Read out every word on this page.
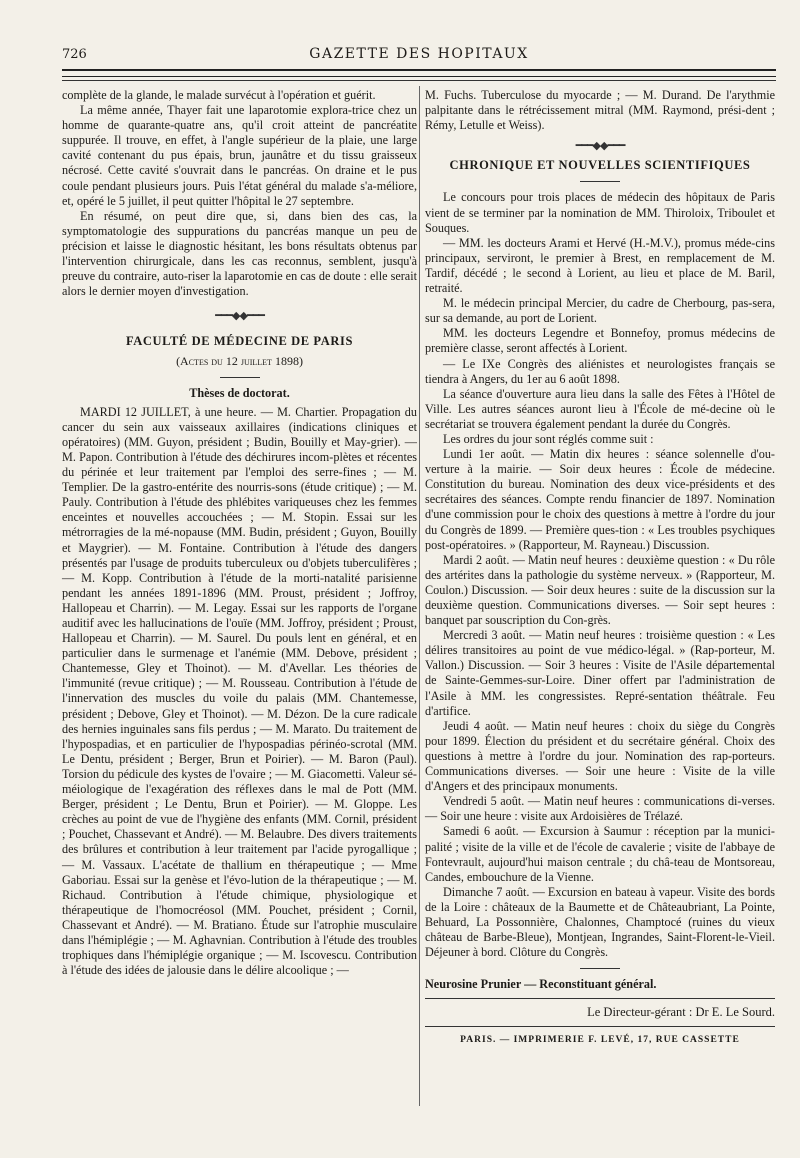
726	GAZETTE DES HOPITAUX

complète de la glande, le malade survécut à l'opération et guérit.

La même année, Thayer fait une laparotomie explora-trice chez un homme de quarante-quatre ans, qu'il croit atteint de pancréatite suppurée. Il trouve, en effet, à l'angle supérieur de la plaie, une large cavité contenant du pus épais, brun, jaunâtre et du tissu graisseux nécrosé. Cette cavité s'ouvrait dans le pancréas. On draine et le pus coule pendant plusieurs jours. Puis l'état général du malade s'a-méliore, et, opéré le 5 juillet, il peut quitter l'hôpital le 27 septembre.

En résumé, on peut dire que, si, dans bien des cas, la symptomatologie des suppurations du pancréas manque un peu de précision et laisse le diagnostic hésitant, les bons résultats obtenus par l'intervention chirurgicale, dans les cas reconnus, semblent, jusqu'à preuve du contraire, auto-riser la laparotomie en cas de doute : elle serait alors le dernier moyen d'investigation.

━━━◆◆━━━

FACULTÉ DE MÉDECINE DE PARIS

(Actes du 12 juillet 1898)

Thèses de doctorat.

MARDI 12 JUILLET, à une heure. — M. Chartier. Propagation du cancer du sein aux vaisseaux axillaires (indications cliniques et opératoires) (MM. Guyon, président ; Budin, Bouilly et May-grier). — M. Papon. Contribution à l'étude des déchirures incom-plètes et récentes du périnée et leur traitement par l'emploi des serre-fines ; — M. Templier. De la gastro-entérite des nourris-sons (étude critique) ; — M. Pauly. Contribution à l'étude des phlébites variqueuses chez les femmes enceintes et nouvelles accouchées ; — M. Stopin. Essai sur les métrorragies de la mé-nopause (MM. Budin, président ; Guyon, Bouilly et Maygrier). — M. Fontaine. Contribution à l'étude des dangers présentés par l'usage de produits tuberculeux ou d'objets tuberculifères ; — M. Kopp. Contribution à l'étude de la morti-natalité parisienne pendant les années 1891-1896 (MM. Proust, président ; Joffroy, Hallopeau et Charrin). — M. Legay. Essai sur les rapports de l'organe auditif avec les hallucinations de l'ouïe (MM. Joffroy, président ; Proust, Hallopeau et Charrin). — M. Saurel. Du pouls lent en général, et en particulier dans le surmenage et l'anémie (MM. Debove, président ; Chantemesse, Gley et Thoinot). — M. d'Avellar. Les théories de l'immunité (revue critique) ; — M. Rousseau. Contribution à l'étude de l'innervation des muscles du voile du palais (MM. Chantemesse, président ; Debove, Gley et Thoinot). — M. Dézon. De la cure radicale des hernies inguinales sans fils perdus ; — M. Marato. Du traitement de l'hypospadias, et en particulier de l'hypospadias périnéo-scrotal (MM. Le Dentu, président ; Berger, Brun et Poirier). — M. Baron (Paul). Torsion du pédicule des kystes de l'ovaire ; — M. Giacometti. Valeur sé-méiologique de l'exagération des réflexes dans le mal de Pott (MM. Berger, président ; Le Dentu, Brun et Poirier). — M. Gloppe. Les crèches au point de vue de l'hygiène des enfants (MM. Cornil, président ; Pouchet, Chassevant et André). — M. Belaubre. Des divers traitements des brûlures et contribution à leur traitement par l'acide pyrogallique ; — M. Vassaux. L'acétate de thallium en thérapeutique ; — Mme Gaboriau. Essai sur la genèse et l'évo-lution de la thérapeutique ; — M. Richaud. Contribution à l'étude chimique, physiologique et thérapeutique de l'homocréosol (MM. Pouchet, président ; Cornil, Chassevant et André). — M. Bratiano. Étude sur l'atrophie musculaire dans l'hémiplégie ; — M. Aghavnian. Contribution à l'étude des troubles trophiques dans l'hémiplégie organique ; — M. Iscovescu. Contribution à l'étude des idées de jalousie dans le délire alcoolique ; —

M. Fuchs. Tuberculose du myocarde ; — M. Durand. De l'arythmie palpitante dans le rétrécissement mitral (MM. Raymond, prési-dent ; Rémy, Letulle et Weiss).

━━━◆◆━━━

CHRONIQUE ET NOUVELLES SCIENTIFIQUES

Le concours pour trois places de médecin des hôpitaux de Paris vient de se terminer par la nomination de MM. Thiroloix, Triboulet et Souques.

— MM. les docteurs Arami et Hervé (H.-M.V.), promus méde-cins principaux, serviront, le premier à Brest, en remplacement de M. Tardif, décédé ; le second à Lorient, au lieu et place de M. Baril, retraité.

M. le médecin principal Mercier, du cadre de Cherbourg, pas-sera, sur sa demande, au port de Lorient.

MM. les docteurs Legendre et Bonnefoy, promus médecins de première classe, seront affectés à Lorient.

— Le IXe Congrès des aliénistes et neurologistes français se tiendra à Angers, du 1er au 6 août 1898.

La séance d'ouverture aura lieu dans la salle des Fêtes à l'Hôtel de Ville. Les autres séances auront lieu à l'École de mé-decine où le secrétariat se trouvera également pendant la durée du Congrès.

Les ordres du jour sont réglés comme suit :

Lundi 1er août. — Matin dix heures : séance solennelle d'ou-verture à la mairie. — Soir deux heures : École de médecine. Constitution du bureau. Nomination des deux vice-présidents et des secrétaires des séances. Compte rendu financier de 1897. Nomination d'une commission pour le choix des questions à mettre à l'ordre du jour du Congrès de 1899. — Première ques-tion : « Les troubles psychiques post-opératoires. » (Rapporteur, M. Rayneau.) Discussion.

Mardi 2 août. — Matin neuf heures : deuxième question : « Du rôle des artérites dans la pathologie du système nerveux. » (Rapporteur, M. Coulon.) Discussion. — Soir deux heures : suite de la discussion sur la deuxième question. Communications diverses. — Soir sept heures : banquet par souscription du Con-grès.

Mercredi 3 août. — Matin neuf heures : troisième question : « Les délires transitoires au point de vue médico-légal. » (Rap-porteur, M. Vallon.) Discussion. — Soir 3 heures : Visite de l'Asile départemental de Sainte-Gemmes-sur-Loire. Diner offert par l'administration de l'Asile à MM. les congressistes. Repré-sentation théâtrale. Feu d'artifice.

Jeudi 4 août. — Matin neuf heures : choix du siège du Congrès pour 1899. Élection du président et du secrétaire général. Choix des questions à mettre à l'ordre du jour. Nomination des rap-porteurs. Communications diverses. — Soir une heure : Visite de la ville d'Angers et des principaux monuments.

Vendredi 5 août. — Matin neuf heures : communications di-verses. — Soir une heure : visite aux Ardoisières de Trélazé.

Samedi 6 août. — Excursion à Saumur : réception par la munici-palité ; visite de la ville et de l'école de cavalerie ; visite de l'abbaye de Fontevrault, aujourd'hui maison centrale ; du châ-teau de Montsoreau, Candes, embouchure de la Vienne.

Dimanche 7 août. — Excursion en bateau à vapeur. Visite des bords de la Loire : châteaux de la Baumette et de Châteaubriant, La Pointe, Behuard, La Possonnière, Chalonnes, Champtocé (ruines du vieux château de Barbe-Bleue), Montjean, Ingrandes, Saint-Florent-le-Vieil. Déjeuner à bord. Clôture du Congrès.

Neurosine Prunier — Reconstituant général.

Le Directeur-gérant : Dr E. Le Sourd.

PARIS. — IMPRIMERIE F. LEVÉ, 17, RUE CASSETTE
